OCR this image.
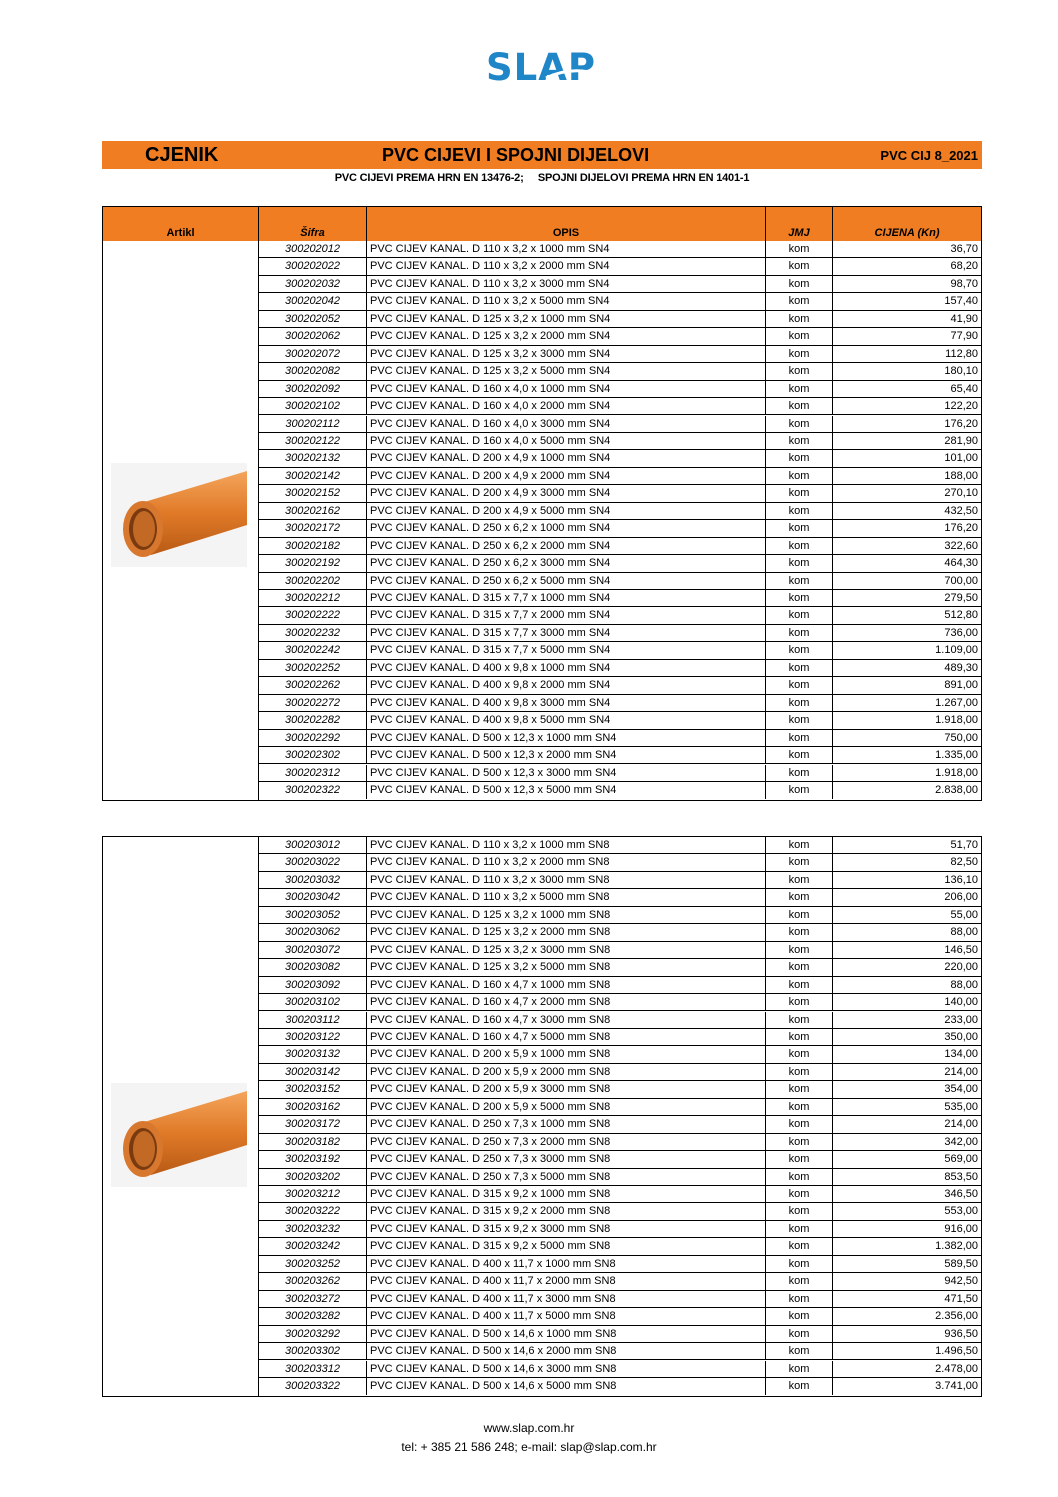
SLAP
CJENIK	PVC CIJEVI I SPOJNI DIJELOVI	PVC CIJ 8_2021
PVC CIJEVI PREMA HRN EN 13476-2;     SPOJNI DIJELOVI PREMA HRN EN 1401-1
Artikl	Šifra	OPIS	JMJ	CIJENA (Kn)
300202012	PVC CIJEV KANAL. D 110 x 3,2 x 1000 mm SN4	kom	36,70
300202022	PVC CIJEV KANAL. D 110 x 3,2 x 2000 mm SN4	kom	68,20
300202032	PVC CIJEV KANAL. D 110 x 3,2 x 3000 mm SN4	kom	98,70
300202042	PVC CIJEV KANAL. D 110 x 3,2 x 5000 mm SN4	kom	157,40
300202052	PVC CIJEV KANAL. D 125 x 3,2 x 1000 mm SN4	kom	41,90
300202062	PVC CIJEV KANAL. D 125 x 3,2 x 2000 mm SN4	kom	77,90
300202072	PVC CIJEV KANAL. D 125 x 3,2 x 3000 mm SN4	kom	112,80
300202082	PVC CIJEV KANAL. D 125 x 3,2 x 5000 mm SN4	kom	180,10
300202092	PVC CIJEV KANAL. D 160 x 4,0 x 1000 mm SN4	kom	65,40
300202102	PVC CIJEV KANAL. D 160 x 4,0 x 2000 mm SN4	kom	122,20
300202112	PVC CIJEV KANAL. D 160 x 4,0 x 3000 mm SN4	kom	176,20
300202122	PVC CIJEV KANAL. D 160 x 4,0 x 5000 mm SN4	kom	281,90
300202132	PVC CIJEV KANAL. D 200 x 4,9 x 1000 mm SN4	kom	101,00
300202142	PVC CIJEV KANAL. D 200 x 4,9 x 2000 mm SN4	kom	188,00
300202152	PVC CIJEV KANAL. D 200 x 4,9 x 3000 mm SN4	kom	270,10
300202162	PVC CIJEV KANAL. D 200 x 4,9 x 5000 mm SN4	kom	432,50
300202172	PVC CIJEV KANAL. D 250 x 6,2 x 1000 mm SN4	kom	176,20
300202182	PVC CIJEV KANAL. D 250 x 6,2 x 2000 mm SN4	kom	322,60
300202192	PVC CIJEV KANAL. D 250 x 6,2 x 3000 mm SN4	kom	464,30
300202202	PVC CIJEV KANAL. D 250 x 6,2 x 5000 mm SN4	kom	700,00
300202212	PVC CIJEV KANAL. D 315 x 7,7 x 1000 mm SN4	kom	279,50
300202222	PVC CIJEV KANAL. D 315 x 7,7 x 2000 mm SN4	kom	512,80
300202232	PVC CIJEV KANAL. D 315 x 7,7 x 3000 mm SN4	kom	736,00
300202242	PVC CIJEV KANAL. D 315 x 7,7 x 5000 mm SN4	kom	1.109,00
300202252	PVC CIJEV KANAL. D 400 x 9,8 x 1000 mm SN4	kom	489,30
300202262	PVC CIJEV KANAL. D 400 x 9,8 x 2000 mm SN4	kom	891,00
300202272	PVC CIJEV KANAL. D 400 x 9,8 x 3000 mm SN4	kom	1.267,00
300202282	PVC CIJEV KANAL. D 400 x 9,8 x 5000 mm SN4	kom	1.918,00
300202292	PVC CIJEV KANAL. D 500 x 12,3 x 1000 mm SN4	kom	750,00
300202302	PVC CIJEV KANAL. D 500 x 12,3 x 2000 mm SN4	kom	1.335,00
300202312	PVC CIJEV KANAL. D 500 x 12,3 x 3000 mm SN4	kom	1.918,00
300202322	PVC CIJEV KANAL. D 500 x 12,3 x 5000 mm SN4	kom	2.838,00
300203012	PVC CIJEV KANAL. D 110 x 3,2 x 1000 mm SN8	kom	51,70
300203022	PVC CIJEV KANAL. D 110 x 3,2 x 2000 mm SN8	kom	82,50
300203032	PVC CIJEV KANAL. D 110 x 3,2 x 3000 mm SN8	kom	136,10
300203042	PVC CIJEV KANAL. D 110 x 3,2 x 5000 mm SN8	kom	206,00
300203052	PVC CIJEV KANAL. D 125 x 3,2 x 1000 mm SN8	kom	55,00
300203062	PVC CIJEV KANAL. D 125 x 3,2 x 2000 mm SN8	kom	88,00
300203072	PVC CIJEV KANAL. D 125 x 3,2 x 3000 mm SN8	kom	146,50
300203082	PVC CIJEV KANAL. D 125 x 3,2 x 5000 mm SN8	kom	220,00
300203092	PVC CIJEV KANAL. D 160 x 4,7 x 1000 mm SN8	kom	88,00
300203102	PVC CIJEV KANAL. D 160 x 4,7 x 2000 mm SN8	kom	140,00
300203112	PVC CIJEV KANAL. D 160 x 4,7 x 3000 mm SN8	kom	233,00
300203122	PVC CIJEV KANAL. D 160 x 4,7 x 5000 mm SN8	kom	350,00
300203132	PVC CIJEV KANAL. D 200 x 5,9 x 1000 mm SN8	kom	134,00
300203142	PVC CIJEV KANAL. D 200 x 5,9 x 2000 mm SN8	kom	214,00
300203152	PVC CIJEV KANAL. D 200 x 5,9 x 3000 mm SN8	kom	354,00
300203162	PVC CIJEV KANAL. D 200 x 5,9 x 5000 mm SN8	kom	535,00
300203172	PVC CIJEV KANAL. D 250 x 7,3 x 1000 mm SN8	kom	214,00
300203182	PVC CIJEV KANAL. D 250 x 7,3 x 2000 mm SN8	kom	342,00
300203192	PVC CIJEV KANAL. D 250 x 7,3 x 3000 mm SN8	kom	569,00
300203202	PVC CIJEV KANAL. D 250 x 7,3 x 5000 mm SN8	kom	853,50
300203212	PVC CIJEV KANAL. D 315 x 9,2 x 1000 mm SN8	kom	346,50
300203222	PVC CIJEV KANAL. D 315 x 9,2 x 2000 mm SN8	kom	553,00
300203232	PVC CIJEV KANAL. D 315 x 9,2 x 3000 mm SN8	kom	916,00
300203242	PVC CIJEV KANAL. D 315 x 9,2 x 5000 mm SN8	kom	1.382,00
300203252	PVC CIJEV KANAL. D 400 x 11,7 x 1000 mm SN8	kom	589,50
300203262	PVC CIJEV KANAL. D 400 x 11,7 x 2000 mm SN8	kom	942,50
300203272	PVC CIJEV KANAL. D 400 x 11,7 x 3000 mm SN8	kom	471,50
300203282	PVC CIJEV KANAL. D 400 x 11,7 x 5000 mm SN8	kom	2.356,00
300203292	PVC CIJEV KANAL. D 500 x 14,6 x 1000 mm SN8	kom	936,50
300203302	PVC CIJEV KANAL. D 500 x 14,6 x 2000 mm SN8	kom	1.496,50
300203312	PVC CIJEV KANAL. D 500 x 14,6 x 3000 mm SN8	kom	2.478,00
300203322	PVC CIJEV KANAL. D 500 x 14,6 x 5000 mm SN8	kom	3.741,00
www.slap.com.hr
tel: + 385 21 586 248; e-mail: slap@slap.com.hr
